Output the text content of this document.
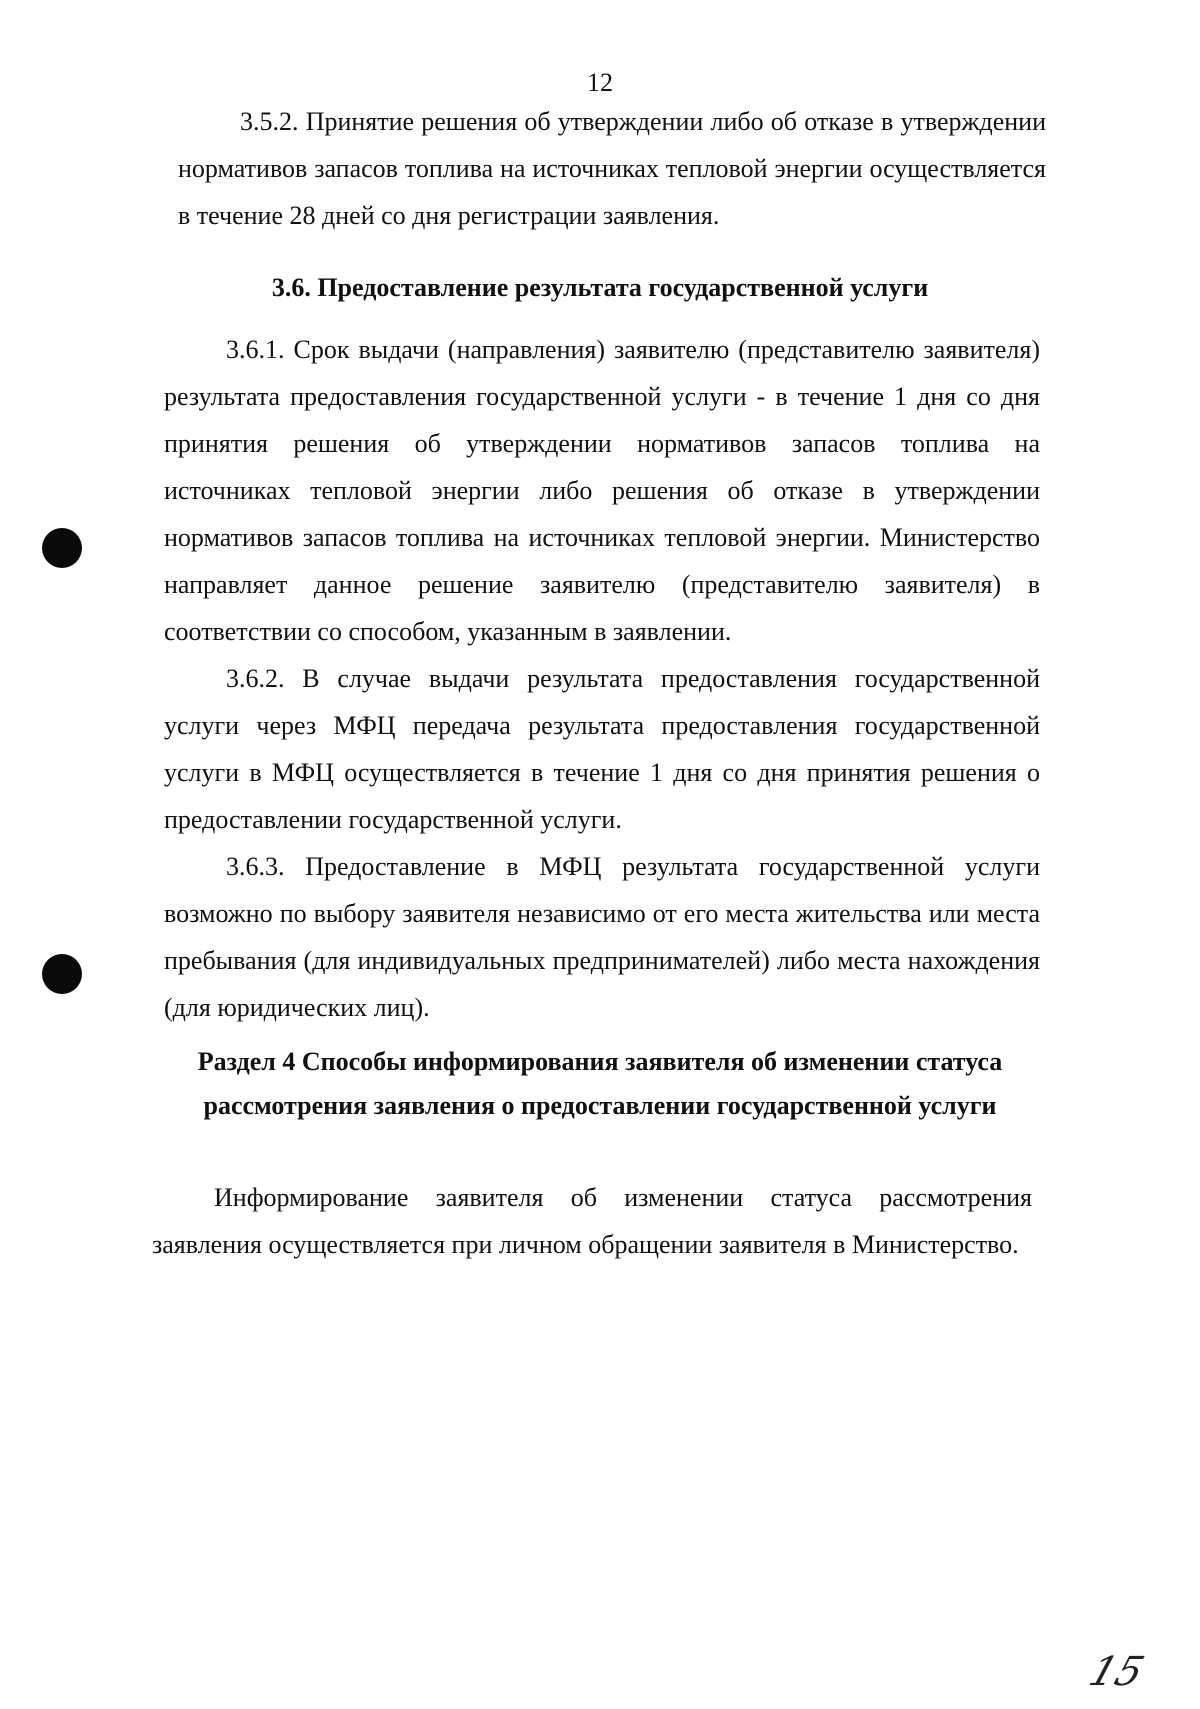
12

3.5.2. Принятие решения об утверждении либо об отказе в утверждении нормативов запасов топлива на источниках тепловой энергии осуществляется в течение 28 дней со дня регистрации заявления.

3.6. Предоставление результата государственной услуги

3.6.1. Срок выдачи (направления) заявителю (представителю заявителя) результата предоставления государственной услуги - в течение 1 дня со дня принятия решения об утверждении нормативов запасов топлива на источниках тепловой энергии либо решения об отказе в утверждении нормативов запасов топлива на источниках тепловой энергии. Министерство направляет данное решение заявителю (представителю заявителя) в соответствии со способом, указанным в заявлении.

3.6.2. В случае выдачи результата предоставления государственной услуги через МФЦ передача результата предоставления государственной услуги в МФЦ осуществляется в течение 1 дня со дня принятия решения о предоставлении государственной услуги.

3.6.3. Предоставление в МФЦ результата государственной услуги возможно по выбору заявителя независимо от его места жительства или места пребывания (для индивидуальных предпринимателей) либо места нахождения (для юридических лиц).

Раздел 4 Способы информирования заявителя об изменении статуса
рассмотрения заявления о предоставлении государственной услуги

Информирование заявителя об изменении статуса рассмотрения заявления осуществляется при личном обращении заявителя в Министерство.

15
